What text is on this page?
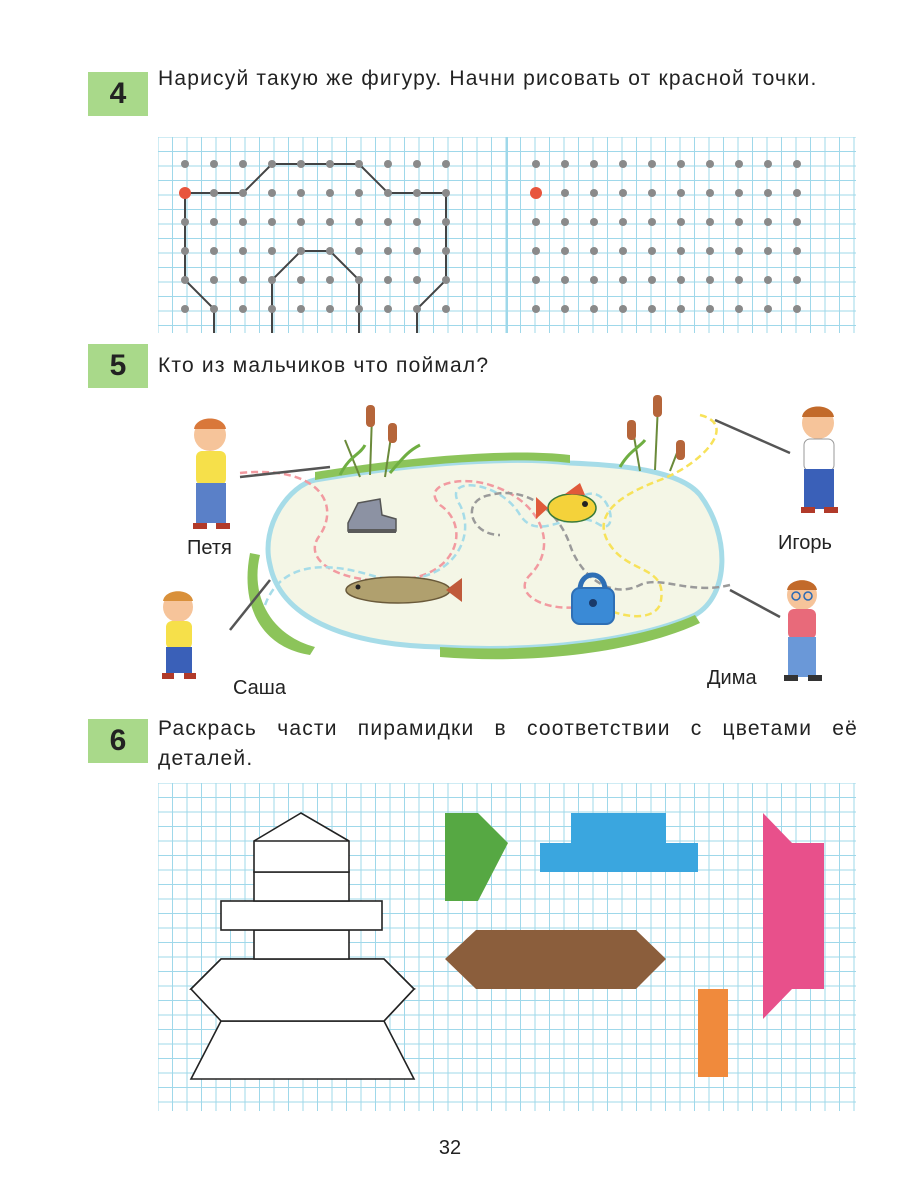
4	Нарисуй такую же фигуру. Начни рисовать от красной точки.
5	Кто из мальчиков что поймал?
Петя	Игорь
Саша	Дима
6	Раскрась части пирамидки в соответствии с цветами её деталей.
32
